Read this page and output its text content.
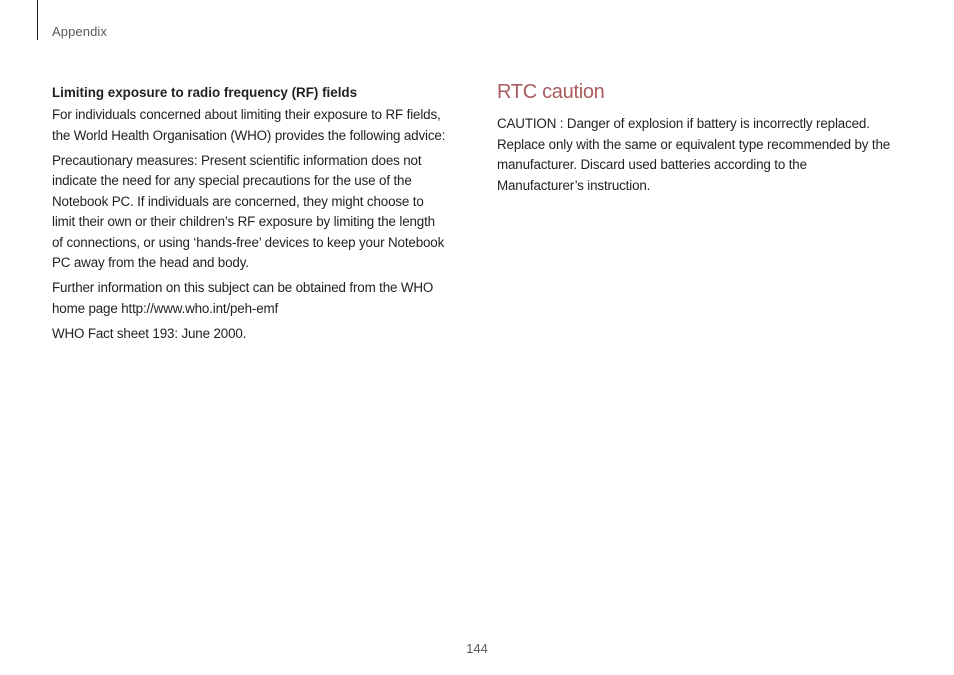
Appendix
Limiting exposure to radio frequency (RF) fields

For individuals concerned about limiting their exposure to RF fields, the World Health Organisation (WHO) provides the following advice:

Precautionary measures: Present scientific information does not indicate the need for any special precautions for the use of the Notebook PC. If individuals are concerned, they might choose to limit their own or their children’s RF exposure by limiting the length of connections, or using ‘hands-free’ devices to keep your Notebook PC away from the head and body.

Further information on this subject can be obtained from the WHO home page http://www.who.int/peh-emf

WHO Fact sheet 193: June 2000.

RTC caution

CAUTION : Danger of explosion if battery is incorrectly replaced. Replace only with the same or equivalent type recommended by the manufacturer. Discard used batteries according to the Manufacturer’s instruction.

144
